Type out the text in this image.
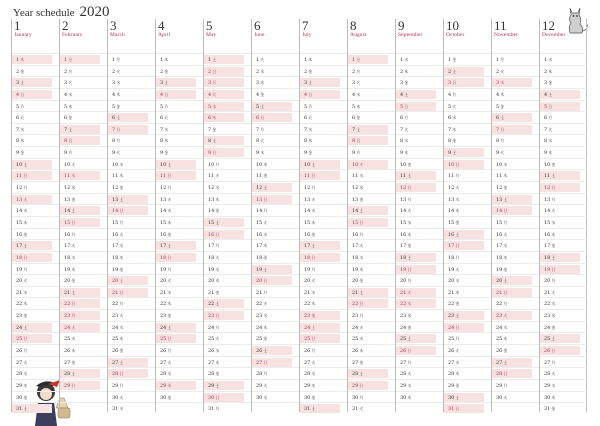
Year schedule 2020
1
January
1木
2金
3土
4日
5月
6火
7水
8木
9金
10土
11日
12月
13火
14水
15木
16金
17土
18日
19月
20火
21水
22木
23金
24土
25日
26月
27火
28水
29木
30金
31土
2
February
1日
2月
3火
4水
5木
6金
7土
8日
9月
10火
11水
12木
13金
14土
15日
16月
17火
18水
19木
20金
21土
22日
23月
24火
25水
26木
27金
28土
29日
3
March
1月
2火
3水
4木
5金
6土
7日
8月
9火
10水
11木
12金
13土
14日
15月
16火
17水
18木
19金
20土
21日
22月
23火
24水
25木
26金
27土
28日
29月
30火
31水
4
April
1木
2金
3土
4日
5月
6火
7水
8木
9金
10土
11日
12月
13火
14水
15木
16金
17土
18日
19月
20火
21水
22木
23金
24土
25日
26月
27火
28水
29木
30金
5
May
1土
2日
3月
4火
5水
6木
7金
8土
9日
10月
11火
12水
13木
14金
15土
16日
17月
18火
19水
20木
21金
22土
23日
24月
25火
26水
27木
28金
29土
30日
31月
6
June
1火
2水
3木
4金
5土
6日
7月
8火
9水
10木
11金
12土
13日
14月
15火
16水
17木
18金
19土
20日
21月
22火
23水
24木
25金
26土
27日
28月
29火
30水
7
July
1木
2金
3土
4日
5月
6火
7水
8木
9金
10土
11日
12月
13火
14水
15木
16金
17土
18日
19月
20火
21水
22木
23金
24土
25日
26月
27火
28水
29木
30金
31土
8
August
1日
2月
3火
4水
5木
6金
7土
8日
9月
10火
11水
12木
13金
14土
15日
16月
17火
18水
19木
20金
21土
22日
23月
24火
25水
26木
27金
28土
29日
30月
31火
9
September
1水
2木
3金
4土
5日
6月
7火
8水
9木
10金
11土
12日
13月
14火
15水
16木
17金
18土
19日
20月
21火
22水
23木
24金
25土
26日
27月
28火
29水
30木
10
October
1金
2土
3日
4月
5火
6水
7木
8金
9土
10日
11月
12火
13水
14木
15金
16土
17日
18月
19火
20水
21木
22金
23土
24日
25月
26火
27水
28木
29金
30土
31日
11
November
1月
2火
3水
4木
5金
6土
7日
8月
9火
10水
11木
12金
13土
14日
15月
16火
17水
18木
19金
20土
21日
22月
23火
24水
25木
26金
27土
28日
29月
30火
12
December
1水
2木
3金
4土
5日
6月
7火
8水
9木
10金
11土
12日
13月
14火
15水
16木
17金
18土
19日
20月
21火
22水
23木
24金
25土
26日
27月
28火
29水
30木
31金
